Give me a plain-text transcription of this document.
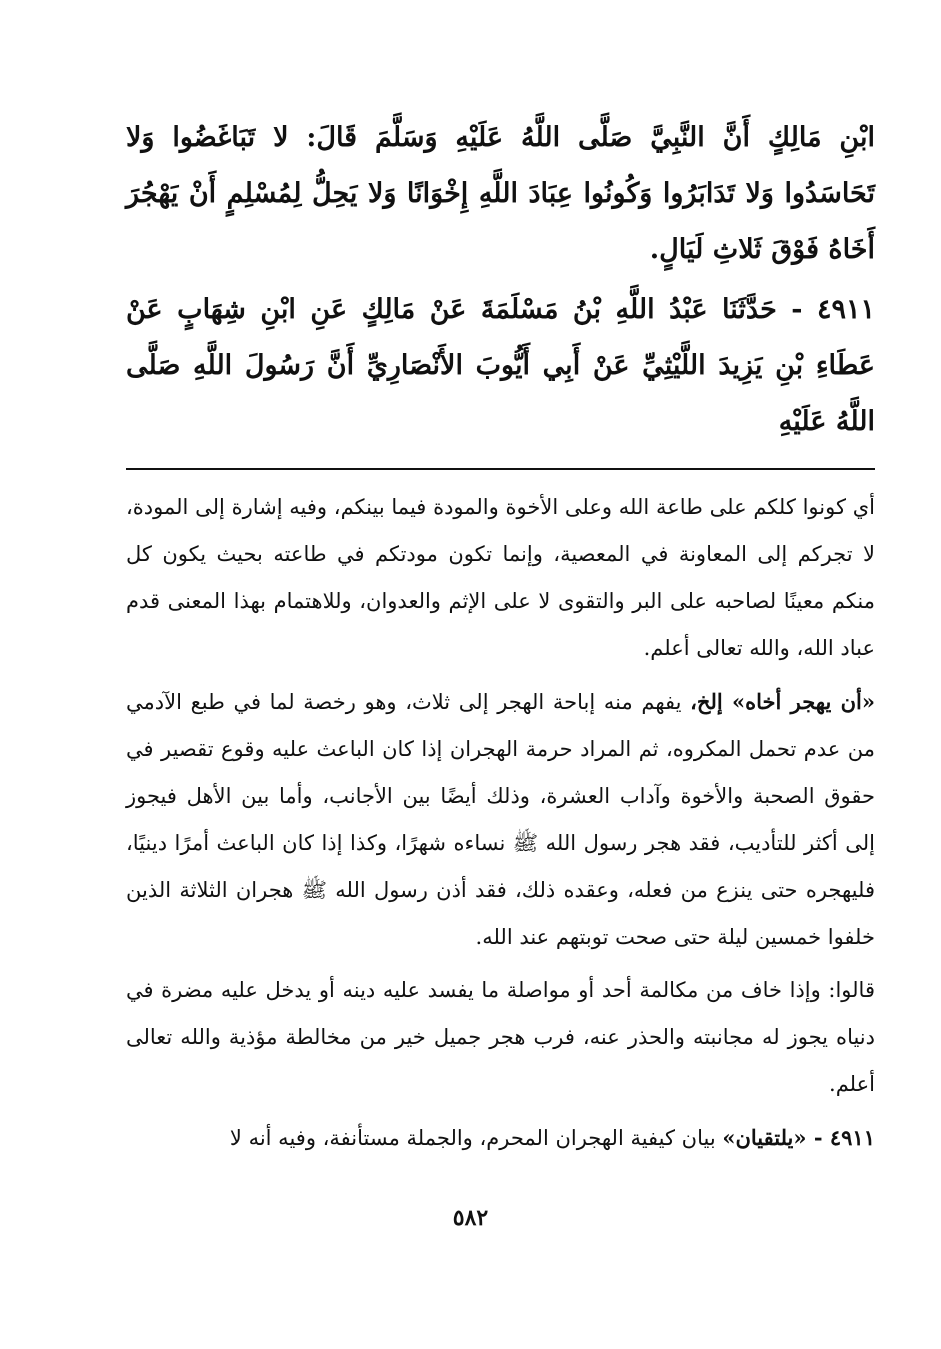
ابْنِ مَالِكٍ أَنَّ النَّبِيَّ صَلَّى اللَّهُ عَلَيْهِ وَسَلَّمَ قَالَ: لا تَبَاغَضُوا وَلا تَحَاسَدُوا وَلا تَدَابَرُوا وَكُونُوا عِبَادَ اللَّهِ إِخْوَانًا وَلا يَحِلُّ لِمُسْلِمٍ أَنْ يَهْجُرَ أَخَاهُ فَوْقَ ثَلاثِ لَيَالٍ.

٤٩١١ - حَدَّثَنَا عَبْدُ اللَّهِ بْنُ مَسْلَمَةَ عَنْ مَالِكٍ عَنِ ابْنِ شِهَابٍ عَنْ عَطَاءِ بْنِ يَزِيدَ اللَّيْثِيِّ عَنْ أَبِي أَيُّوبَ الأَنْصَارِيِّ أَنَّ رَسُولَ اللَّهِ صَلَّى اللَّهُ عَلَيْهِ

أي كونوا كلكم على طاعة الله وعلى الأخوة والمودة فيما بينكم، وفيه إشارة إلى المودة، لا تجركم إلى المعاونة في المعصية، وإنما تكون مودتكم في طاعته بحيث يكون كل منكم معينًا لصاحبه على البر والتقوى لا على الإثم والعدوان، وللاهتمام بهذا المعنى قدم عباد الله، والله تعالى أعلم.

«أن يهجر أخاه» إلخ، يفهم منه إباحة الهجر إلى ثلاث، وهو رخصة لما في طبع الآدمي من عدم تحمل المكروه، ثم المراد حرمة الهجران إذا كان الباعث عليه وقوع تقصير في حقوق الصحبة والأخوة وآداب العشرة، وذلك أيضًا بين الأجانب، وأما بين الأهل فيجوز إلى أكثر للتأديب، فقد هجر رسول الله ﷺ نساءه شهرًا، وكذا إذا كان الباعث أمرًا دينيًا، فليهجره حتى ينزع من فعله، وعقده ذلك، فقد أذن رسول الله ﷺ هجران الثلاثة الذين خلفوا خمسين ليلة حتى صحت توبتهم عند الله.

قالوا: وإذا خاف من مكالمة أحد أو مواصلة ما يفسد عليه دينه أو يدخل عليه مضرة في دنياه يجوز له مجانبته والحذر عنه، فرب هجر جميل خير من مخالطة مؤذية والله تعالى أعلم.

٤٩١١ - «يلتقيان» بيان كيفية الهجران المحرم، والجملة مستأنفة، وفيه أنه لا

٥٨٢
